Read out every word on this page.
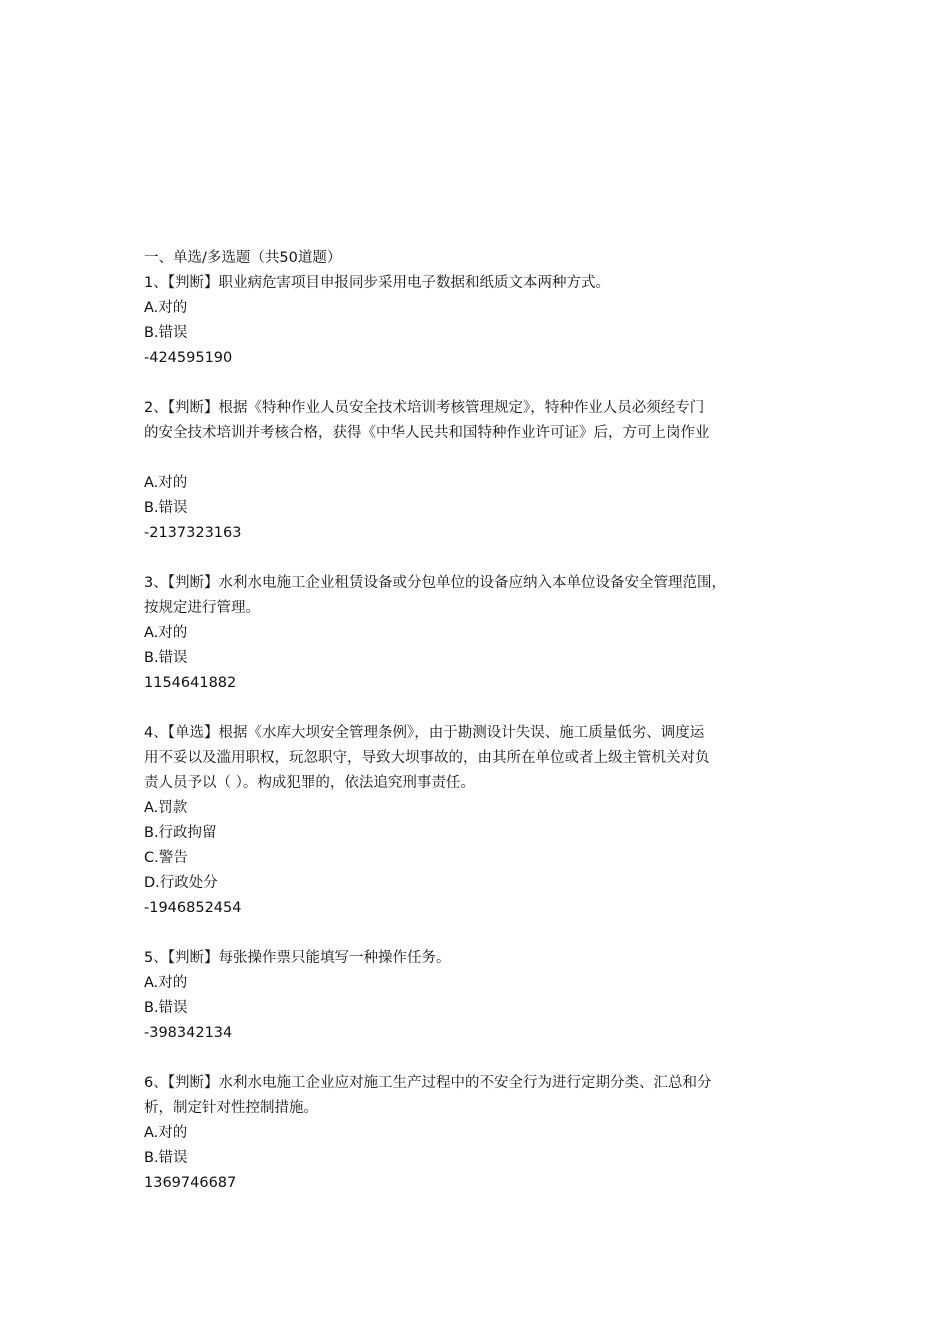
一、单选/多选题（共50道题）
1、【判断】职业病危害项目申报同步采用电子数据和纸质文本两种方式。
A.对的
B.错误
-424595190
2、【判断】根据《特种作业人员安全技术培训考核管理规定》，特种作业人员必须经专门
的安全技术培训并考核合格，获得《中华人民共和国特种作业许可证》后，方可上岗作业
A.对的
B.错误
-2137323163
3、【判断】水利水电施工企业租赁设备或分包单位的设备应纳入本单位设备安全管理范围，
按规定进行管理。
A.对的
B.错误
1154641882
4、【单选】根据《水库大坝安全管理条例》，由于勘测设计失误、施工质量低劣、调度运
用不妥以及滥用职权，玩忽职守，导致大坝事故的，由其所在单位或者上级主管机关对负
责人员予以（ ）。构成犯罪的，依法追究刑事责任。
A.罚款
B.行政拘留
C.警告
D.行政处分
-1946852454
5、【判断】每张操作票只能填写一种操作任务。
A.对的
B.错误
-398342134
6、【判断】水利水电施工企业应对施工生产过程中的不安全行为进行定期分类、汇总和分
析，制定针对性控制措施。
A.对的
B.错误
1369746687
